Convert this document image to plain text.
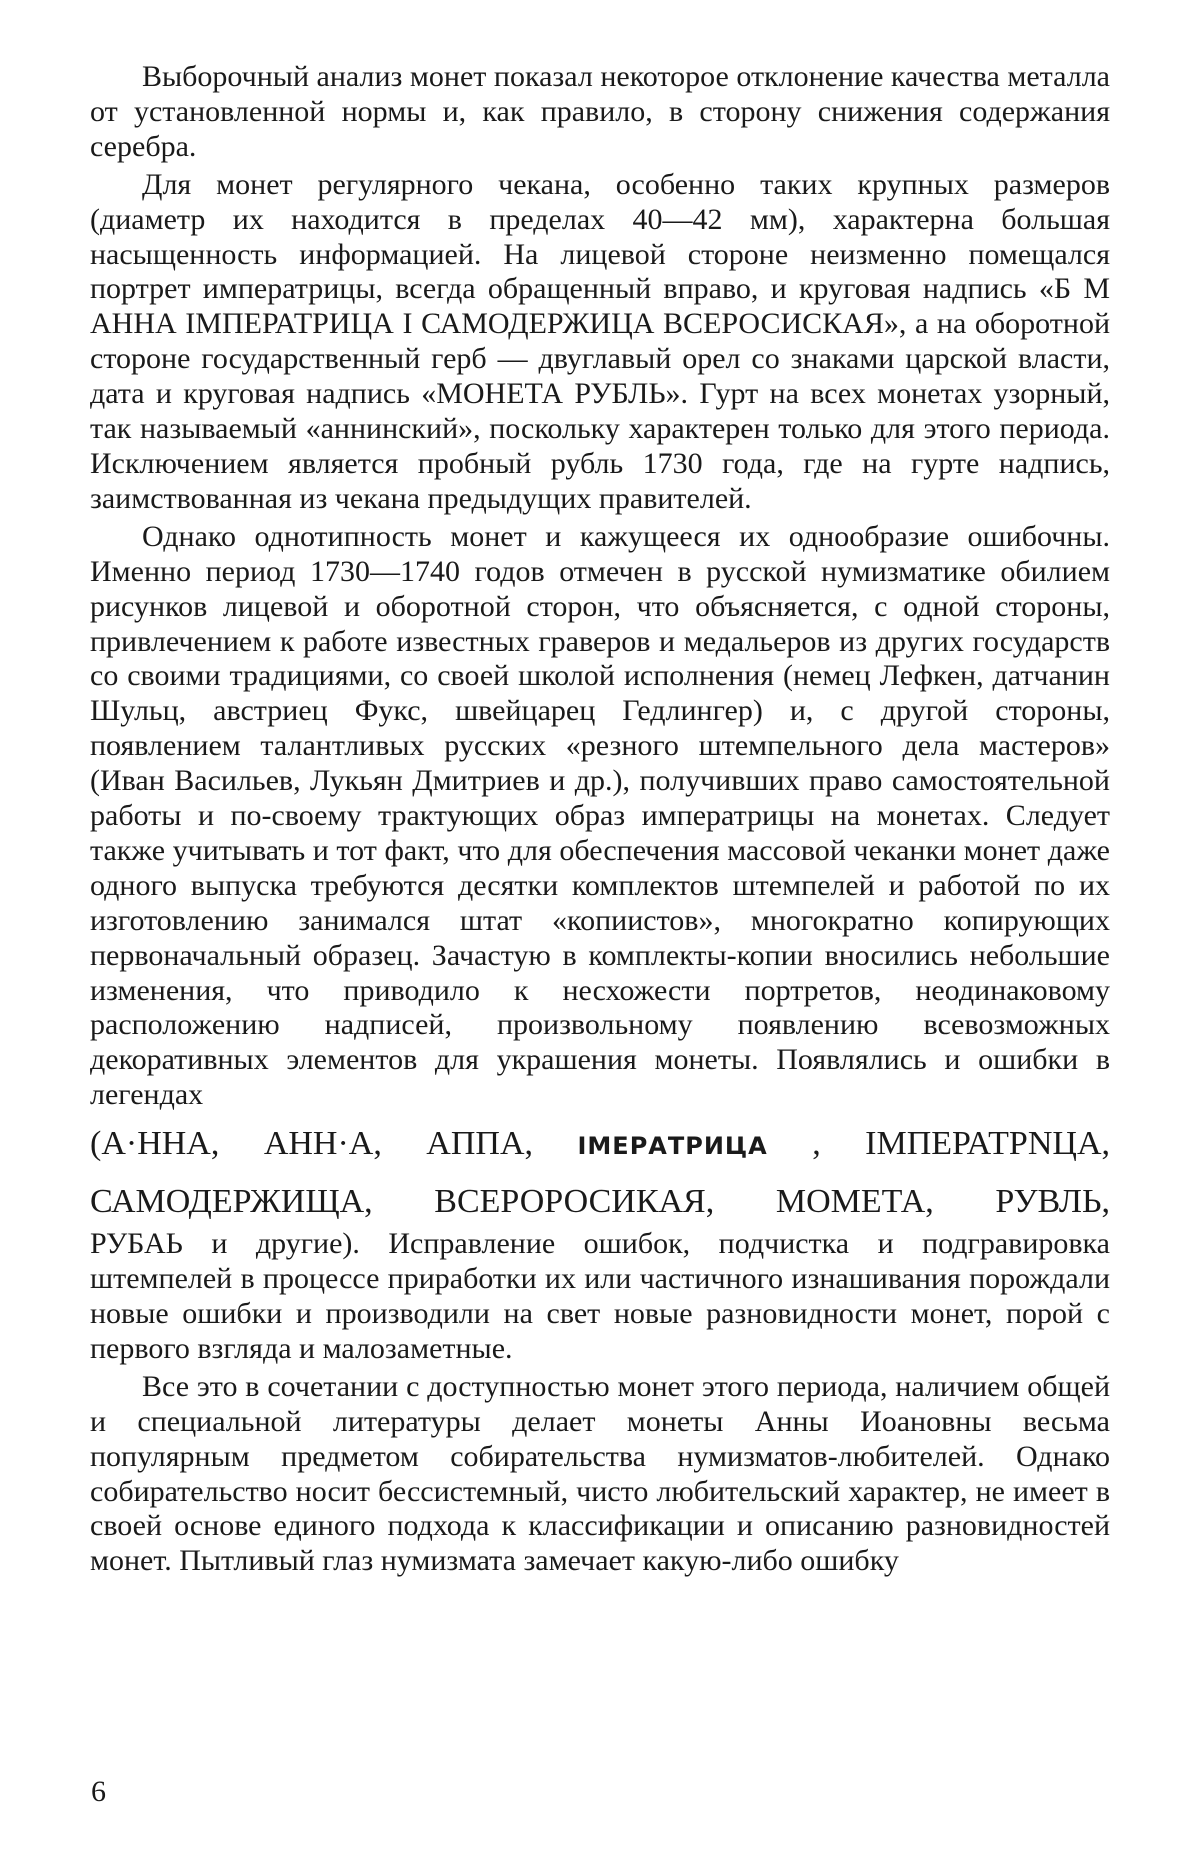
Выборочный анализ монет показал некоторое отклонение качества металла от установленной нормы и, как правило, в сторону снижения содержания серебра.

Для монет регулярного чекана, особенно таких крупных размеров (диаметр их находится в пределах 40—42 мм), характерна большая насыщенность информацией. На лицевой стороне неизменно помещался портрет императрицы, всегда обращенный вправо, и круговая надпись «Б М АННА IМПЕРАТРИЦА I САМОДЕРЖИЦА ВСЕРОСИСКАЯ», а на оборотной стороне государственный герб — двуглавый орел со знаками царской власти, дата и круговая надпись «МОНЕТА РУБЛЬ». Гурт на всех монетах узорный, так называемый «аннинский», поскольку характерен только для этого периода. Исключением является пробный рубль 1730 года, где на гурте надпись, заимствованная из чекана предыдущих правителей.

Однако однотипность монет и кажущееся их однообразие ошибочны. Именно период 1730—1740 годов отмечен в русской нумизматике обилием рисунков лицевой и оборотной сторон, что объясняется, с одной стороны, привлечением к работе известных граверов и медальеров из других государств со своими традициями, со своей школой исполнения (немец Лефкен, датчанин Шульц, австриец Фукс, швейцарец Гедлингер) и, с другой стороны, появлением талантливых русских «резного штемпельного дела мастеров» (Иван Васильев, Лукьян Дмитриев и др.), получивших право самостоятельной работы и по-своему трактующих образ императрицы на монетах. Следует также учитывать и тот факт, что для обеспечения массовой чеканки монет даже одного выпуска требуются десятки комплектов штемпелей и работой по их изготовлению занимался штат «копиистов», многократно копирующих первоначальный образец. Зачастую в комплекты-копии вносились небольшие изменения, что приводило к несхожести портретов, неодинаковому расположению надписей, произвольному появлению всевозможных декоративных элементов для украшения монеты. Появлялись и ошибки в легендах

(А·ННА, АНН·А, АППА, IМЕРАТРИЦА , IМПЕРАТРNЦА,
САМОДЕРЖИЩА, ВСЕРОРОСИКАЯ, МОМЕТА, РУВЛЬ,

РУБАЬ и другие). Исправление ошибок, подчистка и подгравировка штемпелей в процессе приработки их или частичного изнашивания порождали новые ошибки и производили на свет новые разновидности монет, порой с первого взгляда и малозаметные.

Все это в сочетании с доступностью монет этого периода, наличием общей и специальной литературы делает монеты Анны Иоановны весьма популярным предметом собирательства нумизматов-любителей. Однако собирательство носит бессистемный, чисто любительский характер, не имеет в своей основе единого подхода к классификации и описанию разновидностей монет. Пытливый глаз нумизмата замечает какую-либо ошибку

6
